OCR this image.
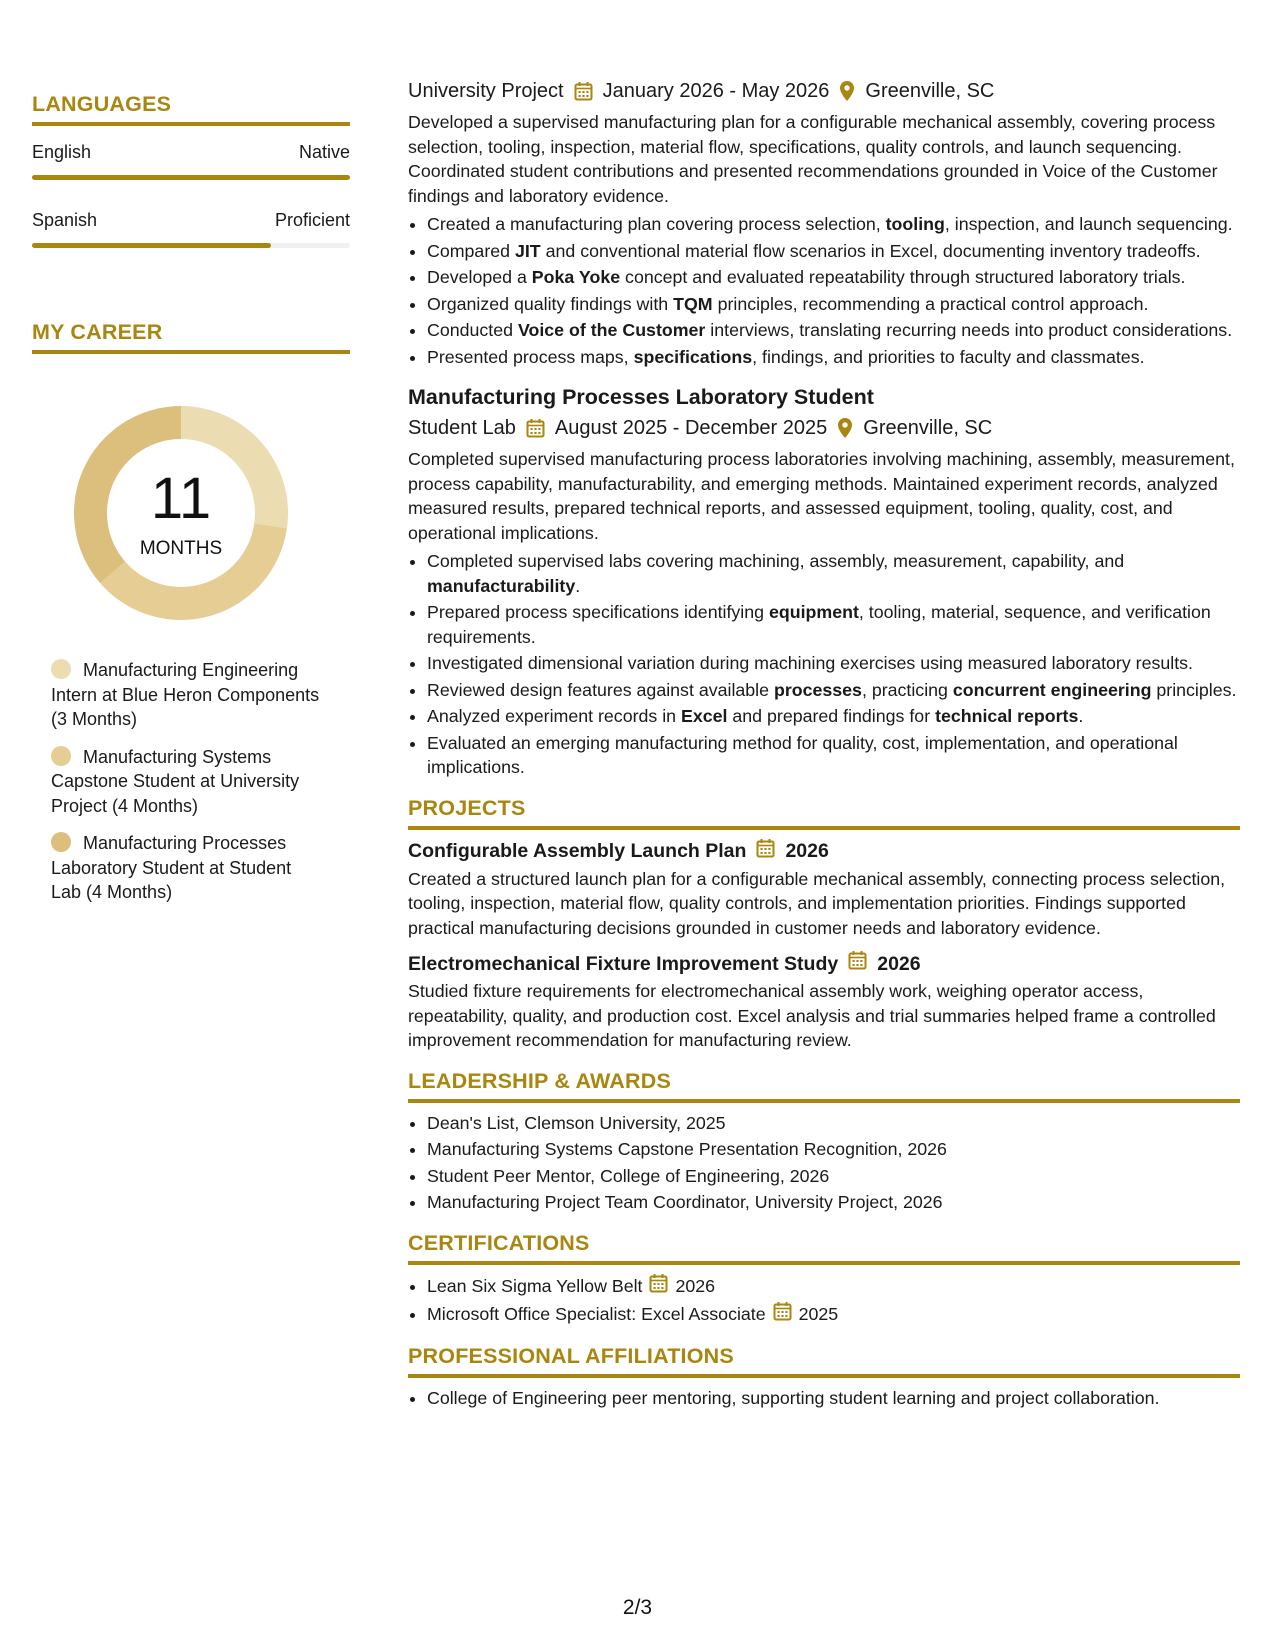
LANGUAGES
English	Native
Spanish	Proficient
MY CAREER
11
MONTHS
Manufacturing Engineering Intern at Blue Heron Components (3 Months)
Manufacturing Systems Capstone Student at University Project (4 Months)
Manufacturing Processes Laboratory Student at Student Lab (4 Months)
University Project January 2026 - May 2026 Greenville, SC

Developed a supervised manufacturing plan for a configurable mechanical assembly, covering process selection, tooling, inspection, material flow, specifications, quality controls, and launch sequencing. Coordinated student contributions and presented recommendations grounded in Voice of the Customer findings and laboratory evidence.

• Created a manufacturing plan covering process selection, tooling, inspection, and launch sequencing.
• Compared JIT and conventional material flow scenarios in Excel, documenting inventory tradeoffs.
• Developed a Poka Yoke concept and evaluated repeatability through structured laboratory trials.
• Organized quality findings with TQM principles, recommending a practical control approach.
• Conducted Voice of the Customer interviews, translating recurring needs into product considerations.
• Presented process maps, specifications, findings, and priorities to faculty and classmates.
Manufacturing Processes Laboratory Student
Student Lab August 2025 - December 2025 Greenville, SC

Completed supervised manufacturing process laboratories involving machining, assembly, measurement, process capability, manufacturability, and emerging methods. Maintained experiment records, analyzed measured results, prepared technical reports, and assessed equipment, tooling, quality, cost, and operational implications.

• Completed supervised labs covering machining, assembly, measurement, capability, and manufacturability.
• Prepared process specifications identifying equipment, tooling, material, sequence, and verification requirements.
• Investigated dimensional variation during machining exercises using measured laboratory results.
• Reviewed design features against available processes, practicing concurrent engineering principles.
• Analyzed experiment records in Excel and prepared findings for technical reports.
• Evaluated an emerging manufacturing method for quality, cost, implementation, and operational implications.
PROJECTS
Configurable Assembly Launch Plan 2026

Created a structured launch plan for a configurable mechanical assembly, connecting process selection, tooling, inspection, material flow, quality controls, and implementation priorities. Findings supported practical manufacturing decisions grounded in customer needs and laboratory evidence.

Electromechanical Fixture Improvement Study 2026

Studied fixture requirements for electromechanical assembly work, weighing operator access, repeatability, quality, and production cost. Excel analysis and trial summaries helped frame a controlled improvement recommendation for manufacturing review.

LEADERSHIP & AWARDS
• Dean's List, Clemson University, 2025
• Manufacturing Systems Capstone Presentation Recognition, 2026
• Student Peer Mentor, College of Engineering, 2026
• Manufacturing Project Team Coordinator, University Project, 2026
CERTIFICATIONS
• Lean Six Sigma Yellow Belt 2026
• Microsoft Office Specialist: Excel Associate 2025
PROFESSIONAL AFFILIATIONS
• College of Engineering peer mentoring, supporting student learning and project collaboration.
2/3
